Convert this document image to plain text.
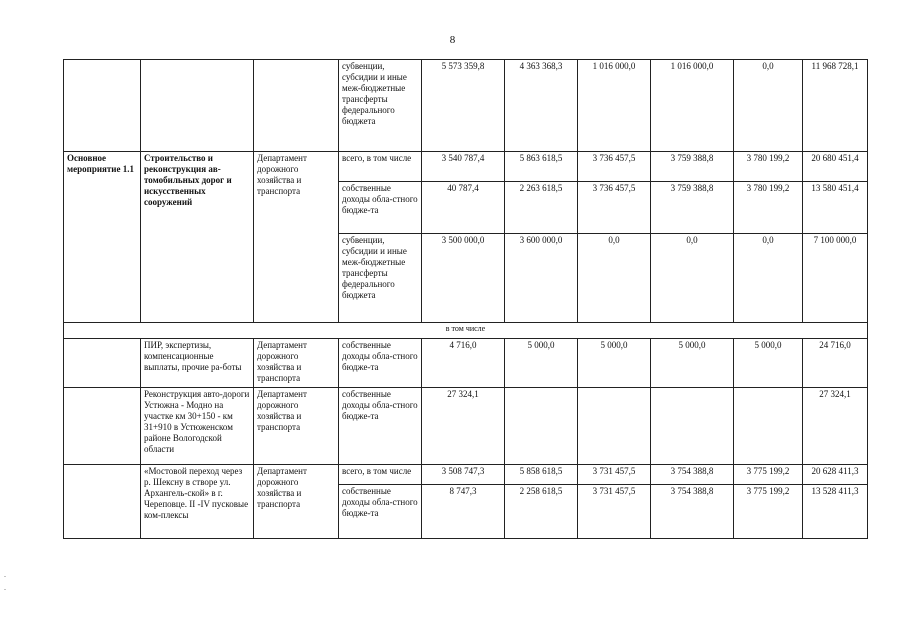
8
			субвенции, субсидии и иные меж-бюджетные трансферты федерального бюджета	5 573 359,8	4 363 368,3	1 016 000,0	1 016 000,0	0,0	11 968 728,1
Основное мероприятие 1.1	Строительство и реконструкция ав-томобильных дорог и искусственных сооружений	Департамент дорожного хозяйства и транспорта	всего, в том числе	3 540 787,4	5 863 618,5	3 736 457,5	3 759 388,8	3 780 199,2	20 680 451,4
			собственные доходы обла-стного бюдже-та	40 787,4	2 263 618,5	3 736 457,5	3 759 388,8	3 780 199,2	13 580 451,4
			субвенции, субсидии и иные меж-бюджетные трансферты федерального бюджета	3 500 000,0	3 600 000,0	0,0	0,0	0,0	7 100 000,0
в том числе									
	ПИР, экспертизы, компенсационные выплаты, прочие ра-боты	Департамент дорожного хозяйства и транспорта	собственные доходы обла-стного бюдже-та	4 716,0	5 000,0	5 000,0	5 000,0	5 000,0	24 716,0
	Реконструкция авто-дороги Устюжна - Модно на участке км 30+150 - км 31+910 в Устюженском районе Вологодской области	Департамент дорожного хозяйства и транспорта	собственные доходы обла-стного бюдже-та	27 324,1					27 324,1
	«Мостовой переход через р. Шексну в створе ул. Архангель-ской» в г. Череповце. II -IV пусковые ком-плексы	Департамент дорожного хозяйства и транспорта	всего, в том числе	3 508 747,3	5 858 618,5	3 731 457,5	3 754 388,8	3 775 199,2	20 628 411,3
			собственные доходы обла-стного бюдже-та	8 747,3	2 258 618,5	3 731 457,5	3 754 388,8	3 775 199,2	13 528 411,3
.
.
